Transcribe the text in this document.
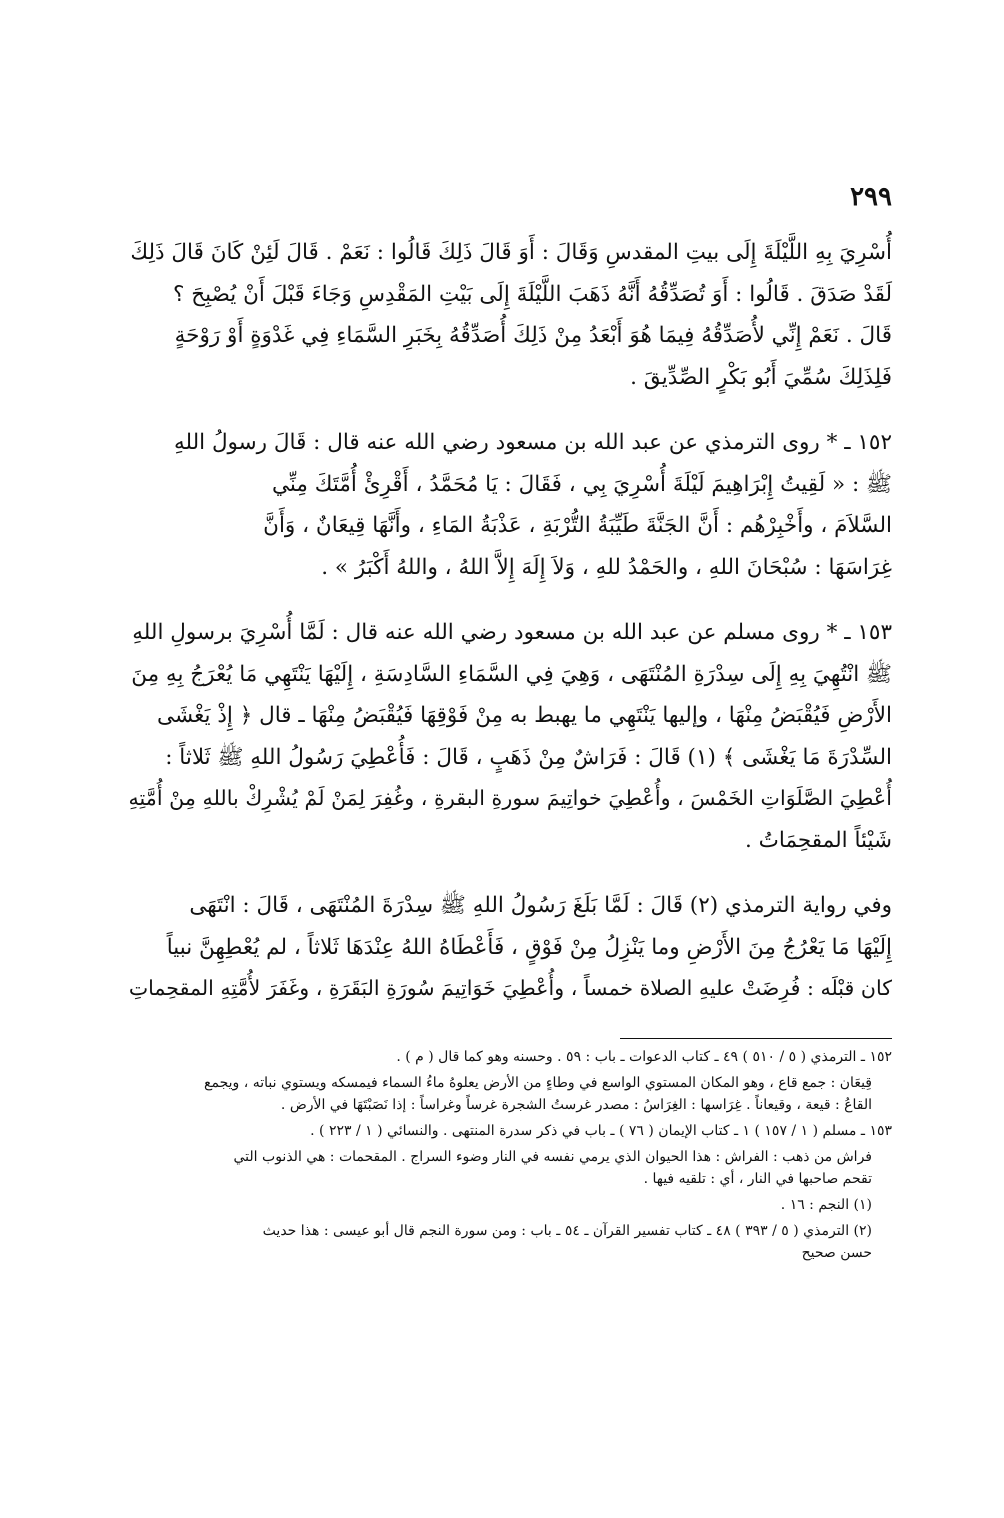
٢٩٩

أُسْرِيَ بِهِ اللَّيْلَةَ إِلَى بيتِ المقدسِ وَقَالَ : أَوَ قَالَ ذَلِكَ قَالُوا : نَعَمْ . قَالَ لَئِنْ كَانَ قَالَ ذَلِكَ
لَقَدْ صَدَقَ . قَالُوا : أَوَ تُصَدِّقُهُ أَنَّهُ ذَهَبَ اللَّيْلَةَ إِلَى بَيْتِ المَقْدِسِ وَجَاءَ قَبْلَ أَنْ يُصْبِحَ ؟
قَالَ . نَعَمْ إِنِّي لأُصَدِّقُهُ فِيمَا هُوَ أَبْعَدُ مِنْ ذَلِكَ أُصَدِّقُهُ بِخَبَرِ السَّمَاءِ فِي غَدْوَةٍ أَوْ رَوْحَةٍ
فَلِذَلِكَ سُمِّيَ أَبُو بَكْرٍ الصِّدِّيقَ .

١٥٢ ـ * روى الترمذي عن عبد الله بن مسعود رضي الله عنه قال : قَالَ رسولُ اللهِ
ﷺ : « لَقِيتُ إِبْرَاهِيمَ لَيْلَةَ أُسْرِيَ بِي ، فَقَالَ : يَا مُحَمَّدُ ، أَقْرِئْ أُمَّتَكَ مِنِّي
السَّلاَمَ ، وأَخْبِرْهُم : أَنَّ الجَنَّةَ طَيِّبَةُ التُّرْبَةِ ، عَذْبَةُ المَاءِ ، وأَنَّهَا قِيعَانٌ ، وَأَنَّ
غِرَاسَهَا : سُبْحَانَ اللهِ ، والحَمْدُ للهِ ، وَلاَ إِلَهَ إِلاَّ اللهُ ، واللهُ أَكْبَرُ » .

١٥٣ ـ * روى مسلم عن عبد الله بن مسعود رضي الله عنه قال : لَمَّا أُسْرِيَ برسولِ اللهِ
ﷺ انْتُهِيَ بِهِ إِلَى سِدْرَةِ المُنْتَهَى ، وَهِيَ فِي السَّمَاءِ السَّادِسَةِ ، إِلَيْهَا يَنْتَهِي مَا يُعْرَجُ بِهِ مِنَ
الأَرْضِ فَيُقْبَضُ مِنْهَا ، وإليها يَنْتَهِي ما يهبط به مِنْ فَوْقِهَا فَيُقْبَضُ مِنْهَا ـ قال ﴿ إِذْ يَغْشَى
السِّدْرَةَ مَا يَغْشَى ﴾ (١) قَالَ : فَرَاشٌ مِنْ ذَهَبٍ ، قَالَ : فَأُعْطِيَ رَسُولُ اللهِ ﷺ ثَلاثاً :
أُعْطِيَ الصَّلَوَاتِ الخَمْسَ ، وأُعْطِيَ خواتِيمَ سورةِ البقرةِ ، وغُفِرَ لِمَنْ لَمْ يُشْرِكْ باللهِ مِنْ أُمَّتِهِ
شَيْئاً المقحِمَاتُ .

وفي رواية الترمذي (٢) قَالَ : لَمَّا بَلَغَ رَسُولُ اللهِ ﷺ سِدْرَةَ المُنْتَهَى ، قَالَ : انْتَهَى
إِلَيْهَا مَا يَعْرُجُ مِنَ الأَرْضِ وما يَنْزِلُ مِنْ فَوْقٍ ، فَأَعْطَاهُ اللهُ عِنْدَهَا ثَلاثاً ، لم يُعْطِهِنَّ نبياً
كان قبْلَه : فُرِضَتْ عليهِ الصلاة خمساً ، وأُعْطِيَ خَوَاتِيمَ سُورَةِ البَقَرَةِ ، وغَفَرَ لأُمَّتِهِ المقحِماتِ

١٥٢ ـ الترمذي ( ٥ / ٥١٠ ) ٤٩ ـ كتاب الدعوات ـ باب : ٥٩ . وحسنه وهو كما قال ( م ) .

قِيعَان : جمع قاع ، وهو المكان المستوي الواسع في وطاءٍ من الأرض يعلوهُ ماءُ السماء فيمسكه ويستوي نباته ، ويجمع
القاعُ : قيعة ، وقيعاناً . غِرَاسها : الغِرَاسُ : مصدر غرستُ الشجرة غرساً وغراساً : إذا نَصَبْتَهَا في الأرض .

١٥٣ ـ مسلم ( ١ / ١٥٧ ) ١ ـ كتاب الإيمان ( ٧٦ ) ـ باب في ذكر سدرة المنتهى . والنسائي ( ١ / ٢٢٣ ) .

فراش من ذهب : الفراش : هذا الحيوان الذي يرمي نفسه في النار وضوء السراج . المقحمات : هي الذنوب التي
تقحم صاحبها في النار ، أي : تلقيه فيها .

(١) النجم : ١٦ .

(٢) الترمذي ( ٥ / ٣٩٣ ) ٤٨ ـ كتاب تفسير القرآن ـ ٥٤ ـ باب : ومن سورة النجم قال أبو عيسى : هذا حديث
حسن صحيح
